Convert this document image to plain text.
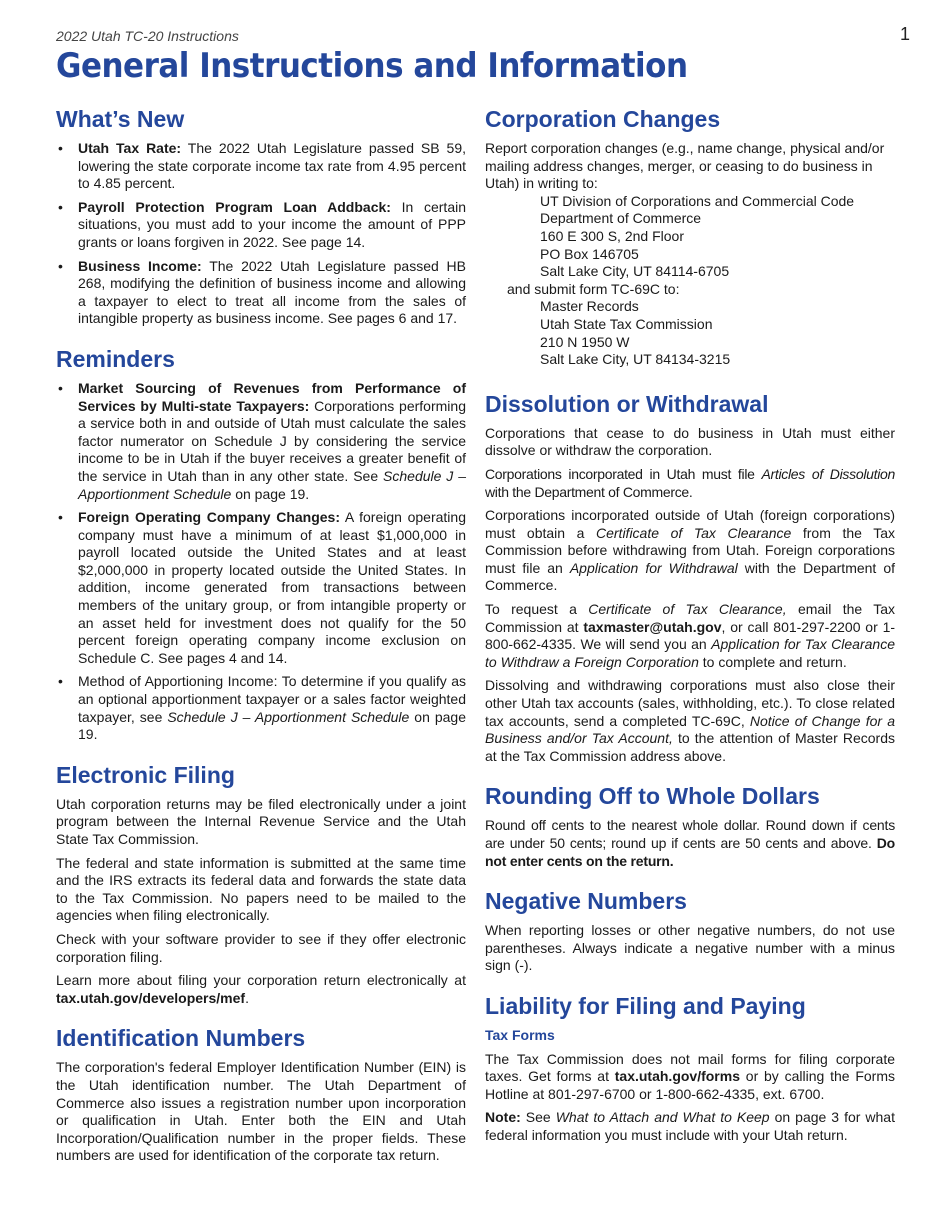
2022 Utah TC-20 Instructions	1
General Instructions and Information
What’s New
• Utah Tax Rate: The 2022 Utah Legislature passed SB 59, lowering the state corporate income tax rate from 4.95 percent to 4.85 percent.
• Payroll Protection Program Loan Addback: In certain situations, you must add to your income the amount of PPP grants or loans forgiven in 2022. See page 14.
• Business Income: The 2022 Utah Legislature passed HB 268, modifying the definition of business income and allowing a taxpayer to elect to treat all income from the sales of intangible property as business income. See pages 6 and 17.
Reminders
• Market Sourcing of Revenues from Performance of Services by Multi-state Taxpayers: Corporations performing a service both in and outside of Utah must calculate the sales factor numerator on Schedule J by considering the service income to be in Utah if the buyer receives a greater benefit of the service in Utah than in any other state. See Schedule J – Apportionment Schedule on page 19.
• Foreign Operating Company Changes: A foreign operating company must have a minimum of at least $1,000,000 in payroll located outside the United States and at least $2,000,000 in property located outside the United States. In addition, income generated from transactions between members of the unitary group, or from intangible property or an asset held for investment does not qualify for the 50 percent foreign operating company income exclusion on Schedule C. See pages 4 and 14.
• Method of Apportioning Income: To determine if you qualify as an optional apportionment taxpayer or a sales factor weighted taxpayer, see Schedule J – Apportionment Schedule on page 19.
Electronic Filing

Utah corporation returns may be filed electronically under a joint program between the Internal Revenue Service and the Utah State Tax Commission.

The federal and state information is submitted at the same time and the IRS extracts its federal data and forwards the state data to the Tax Commission. No papers need to be mailed to the agencies when filing electronically.

Check with your software provider to see if they offer electronic corporation filing.

Learn more about filing your corporation return electronically at tax.utah.gov/developers/mef.

Identification Numbers

The corporation's federal Employer Identification Number (EIN) is the Utah identification number. The Utah Department of Commerce also issues a registration number upon incorporation or qualification in Utah. Enter both the EIN and Utah Incorporation/Qualification number in the proper fields. These numbers are used for identification of the corporate tax return.

Corporation Changes

Report corporation changes (e.g., name change, physical and/or mailing address changes, merger, or ceasing to do business in Utah) in writing to:

UT Division of Corporations and Commercial Code
Department of Commerce
160 E 300 S, 2nd Floor
PO Box 146705
Salt Lake City, UT 84114-6705
and submit form TC-69C to:
Master Records
Utah State Tax Commission
210 N 1950 W
Salt Lake City, UT 84134-3215
Dissolution or Withdrawal

Corporations that cease to do business in Utah must either dissolve or withdraw the corporation.

Corporations incorporated in Utah must file Articles of Dissolution with the Department of Commerce.

Corporations incorporated outside of Utah (foreign corporations) must obtain a Certificate of Tax Clearance from the Tax Commission before withdrawing from Utah. Foreign corporations must file an Application for Withdrawal with the Department of Commerce.

To request a Certificate of Tax Clearance, email the Tax Commission at taxmaster@utah.gov, or call 801-297-2200 or 1-800-662-4335. We will send you an Application for Tax Clearance to Withdraw a Foreign Corporation to complete and return.

Dissolving and withdrawing corporations must also close their other Utah tax accounts (sales, withholding, etc.). To close related tax accounts, send a completed TC-69C, Notice of Change for a Business and/or Tax Account, to the attention of Master Records at the Tax Commission address above.

Rounding Off to Whole Dollars

Round off cents to the nearest whole dollar. Round down if cents are under 50 cents; round up if cents are 50 cents and above. Do not enter cents on the return.

Negative Numbers

When reporting losses or other negative numbers, do not use parentheses. Always indicate a negative number with a minus sign (-).

Liability for Filing and Paying
Tax Forms

The Tax Commission does not mail forms for filing corporate taxes. Get forms at tax.utah.gov/forms or by calling the Forms Hotline at 801-297-6700 or 1-800-662-4335, ext. 6700.

Note: See What to Attach and What to Keep on page 3 for what federal information you must include with your Utah return.
